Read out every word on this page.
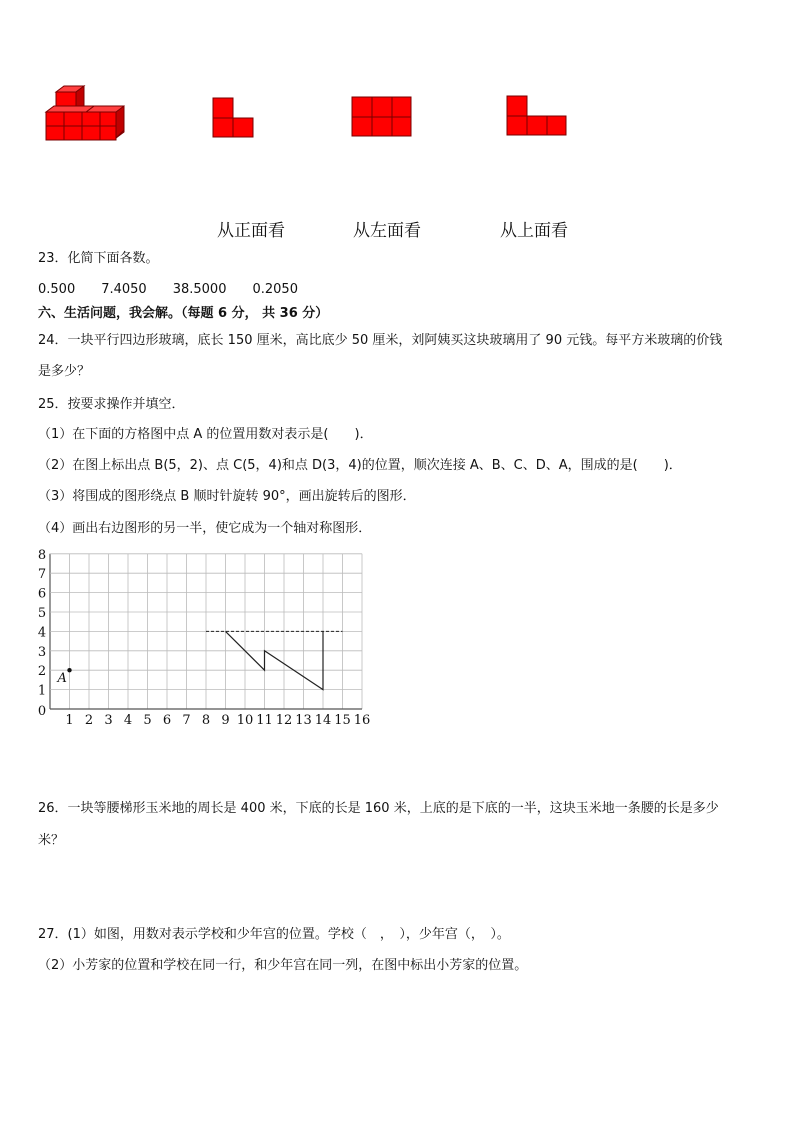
从正面看	从左面看	从上面看
23．化简下面各数。
0.500 7.4050 38.5000 0.2050
六、生活问题，我会解。（每题 6 分， 共 36 分）
24．一块平行四边形玻璃，底长 150 厘米，高比底少 50 厘米，刘阿姨买这块玻璃用了 90 元钱。每平方米玻璃的价钱
是多少？
25．按要求操作并填空．
（1）在下面的方格图中点 A 的位置用数对表示是(　　)．
（2）在图上标出点 B(5，2)、点 C(5，4)和点 D(3，4)的位置，顺次连接 A、B、C、D、A，围成的是(　　)．
（3）将围成的图形绕点 B 顺时针旋转 90°，画出旋转后的图形．
（4）画出右边图形的另一半，使它成为一个轴对称图形．
1 2 3 4 5 6 7 8 9 10 11 12 13 14 15 16
1
2
3
4
5
6
7
8
0
A
26．一块等腰梯形玉米地的周长是 400 米，下底的长是 160 米，上底的是下底的一半，这块玉米地一条腰的长是多少
米？
27．(1）如图，用数对表示学校和少年宫的位置。学校（　，　），少年宫（，　）。
（2）小芳家的位置和学校在同一行，和少年宫在同一列，在图中标出小芳家的位置。
